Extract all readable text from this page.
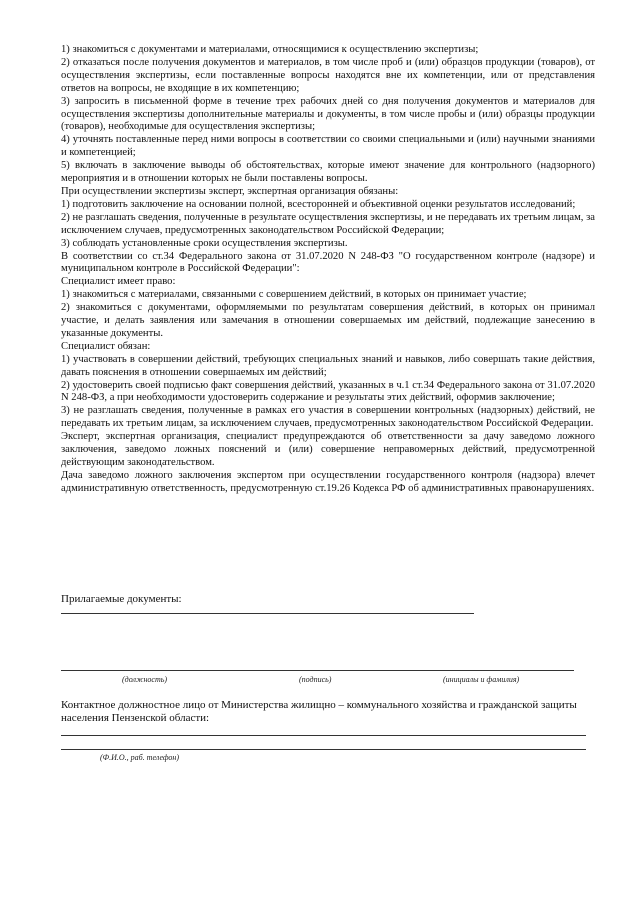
1) знакомиться с документами и материалами, относящимися к осуществлению экспертизы;

2) отказаться после получения документов и материалов, в том числе проб и (или) образцов продукции (товаров), от осуществления экспертизы, если поставленные вопросы находятся вне их компетенции, или от представления ответов на вопросы, не входящие в их компетенцию;

3) запросить в письменной форме в течение трех рабочих дней со дня получения документов и материалов для осуществления экспертизы дополнительные материалы и документы, в том числе пробы и (или) образцы продукции (товаров), необходимые для осуществления экспертизы;

4) уточнять поставленные перед ними вопросы в соответствии со своими специальными и (или) научными знаниями и компетенцией;

5) включать в заключение выводы об обстоятельствах, которые имеют значение для контрольного (надзорного) мероприятия и в отношении которых не были поставлены вопросы.

При осуществлении экспертизы эксперт, экспертная организация обязаны:

1) подготовить заключение на основании полной, всесторонней и объективной оценки результатов исследований;

2) не разглашать сведения, полученные в результате осуществления экспертизы, и не передавать их третьим лицам, за исключением случаев, предусмотренных законодательством Российской Федерации;

3) соблюдать установленные сроки осуществления экспертизы.

В соответствии со ст.34 Федерального закона от 31.07.2020 N 248-ФЗ "О государственном контроле (надзоре) и муниципальном контроле в Российской Федерации":

Специалист имеет право:

1) знакомиться с материалами, связанными с совершением действий, в которых он принимает участие;

2) знакомиться с документами, оформляемыми по результатам совершения действий, в которых он принимал участие, и делать заявления или замечания в отношении совершаемых им действий, подлежащие занесению в указанные документы.

Специалист обязан:

1) участвовать в совершении действий, требующих специальных знаний и навыков, либо совершать такие действия, давать пояснения в отношении совершаемых им действий;

2) удостоверить своей подписью факт совершения действий, указанных в ч.1 ст.34 Федерального закона от 31.07.2020 N 248-ФЗ, а при необходимости удостоверить содержание и результаты этих действий, оформив заключение;

3) не разглашать сведения, полученные в рамках его участия в совершении контрольных (надзорных) действий, не передавать их третьим лицам, за исключением случаев, предусмотренных законодательством Российской Федерации.

Эксперт, экспертная организация, специалист предупреждаются об ответственности за дачу заведомо ложного заключения, заведомо ложных пояснений и (или) совершение неправомерных действий, предусмотренной действующим законодательством.

Дача заведомо ложного заключения экспертом при осуществлении государственного контроля (надзора) влечет административную ответственность, предусмотренную ст.19.26 Кодекса РФ об административных правонарушениях.

Прилагаемые документы:
(должность)	(подпись)	(инициалы и фамилия)
Контактное должностное лицо от Министерства жилищно – коммунального хозяйства и гражданской защиты населения Пензенской области:
(Ф.И.О., раб. телефон)
